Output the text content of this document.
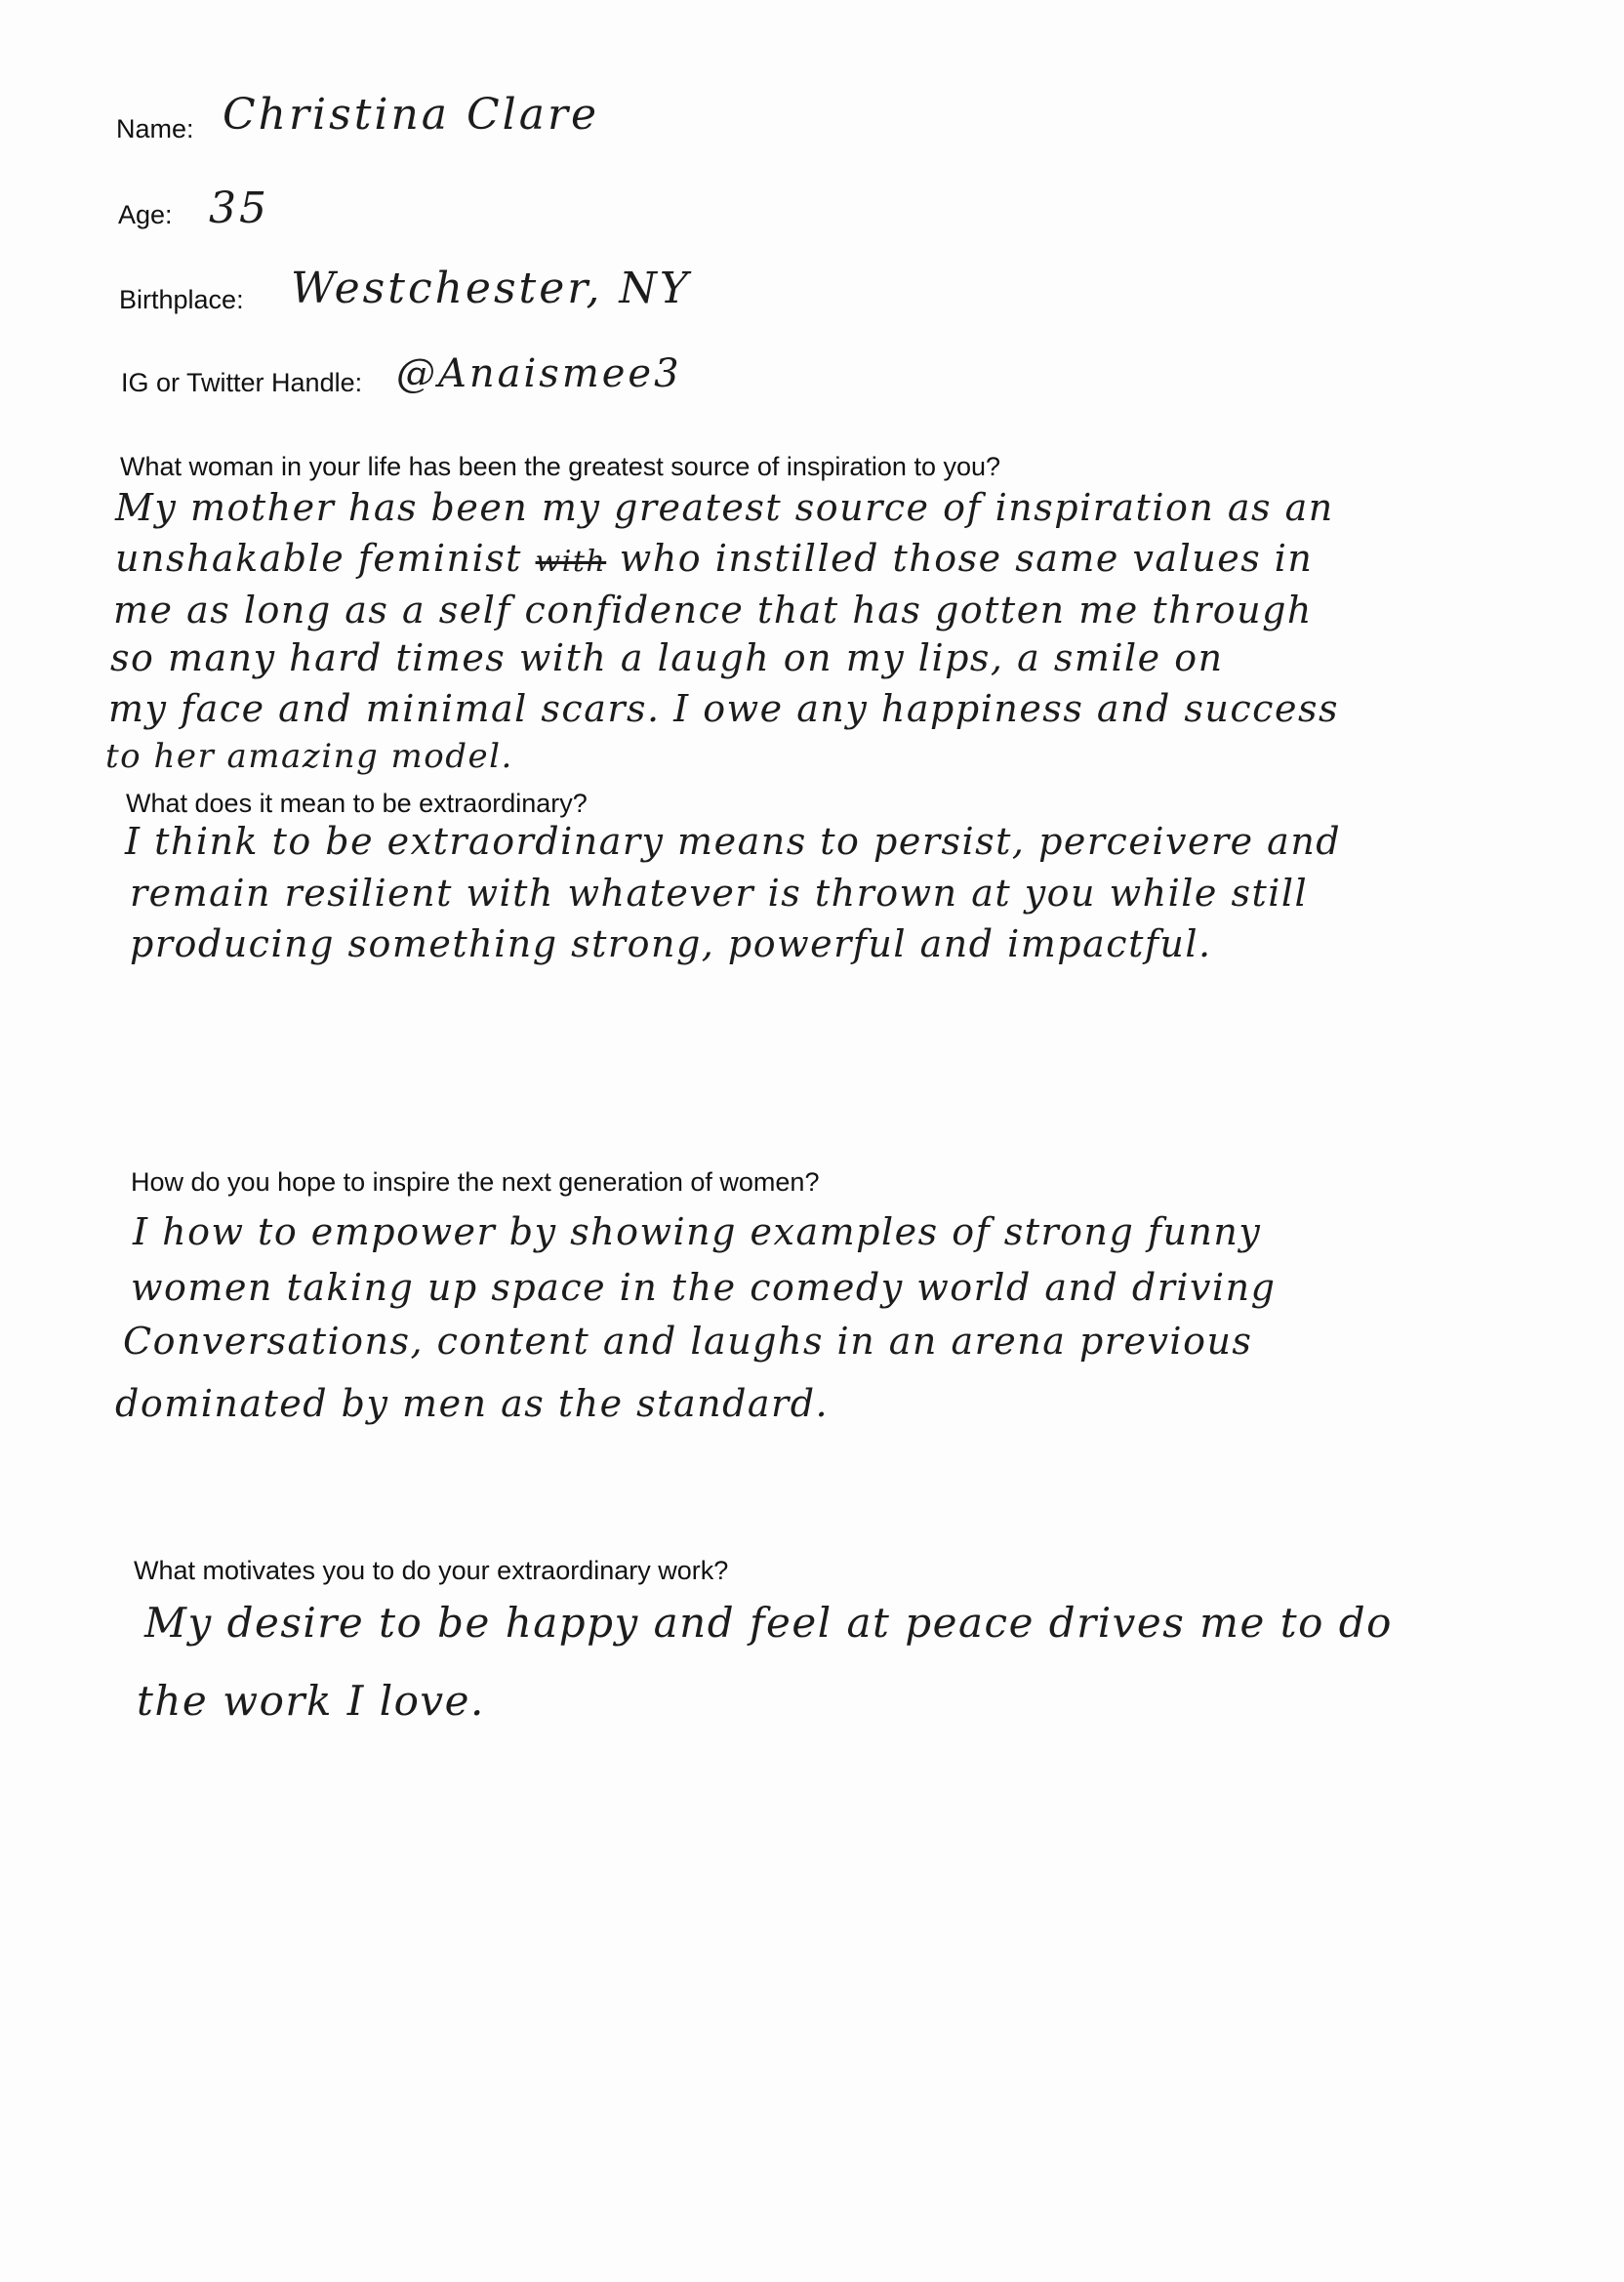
Name: Christina Clare
Age: 35
Birthplace: Westchester, NY
IG or Twitter Handle: @Anaismee3
What woman in your life has been the greatest source of inspiration to you?
My mother has been my greatest source of inspiration as an
unshakable feminist with who instilled those same values in
me as long as a self confidence that has gotten me through
so many hard times with a laugh on my lips, a smile on
my face and minimal scars. I owe any happiness and success
to her amazing model.
What does it mean to be extraordinary?
I think to be extraordinary means to persist, perceivere and
remain resilient with whatever is thrown at you while still
producing something strong, powerful and impactful.
How do you hope to inspire the next generation of women?
I how to empower by showing examples of strong funny
women taking up space in the comedy world and driving
Conversations, content and laughs in an arena previous
dominated by men as the standard.
What motivates you to do your extraordinary work?
My desire to be happy and feel at peace drives me to do
the work I love.
